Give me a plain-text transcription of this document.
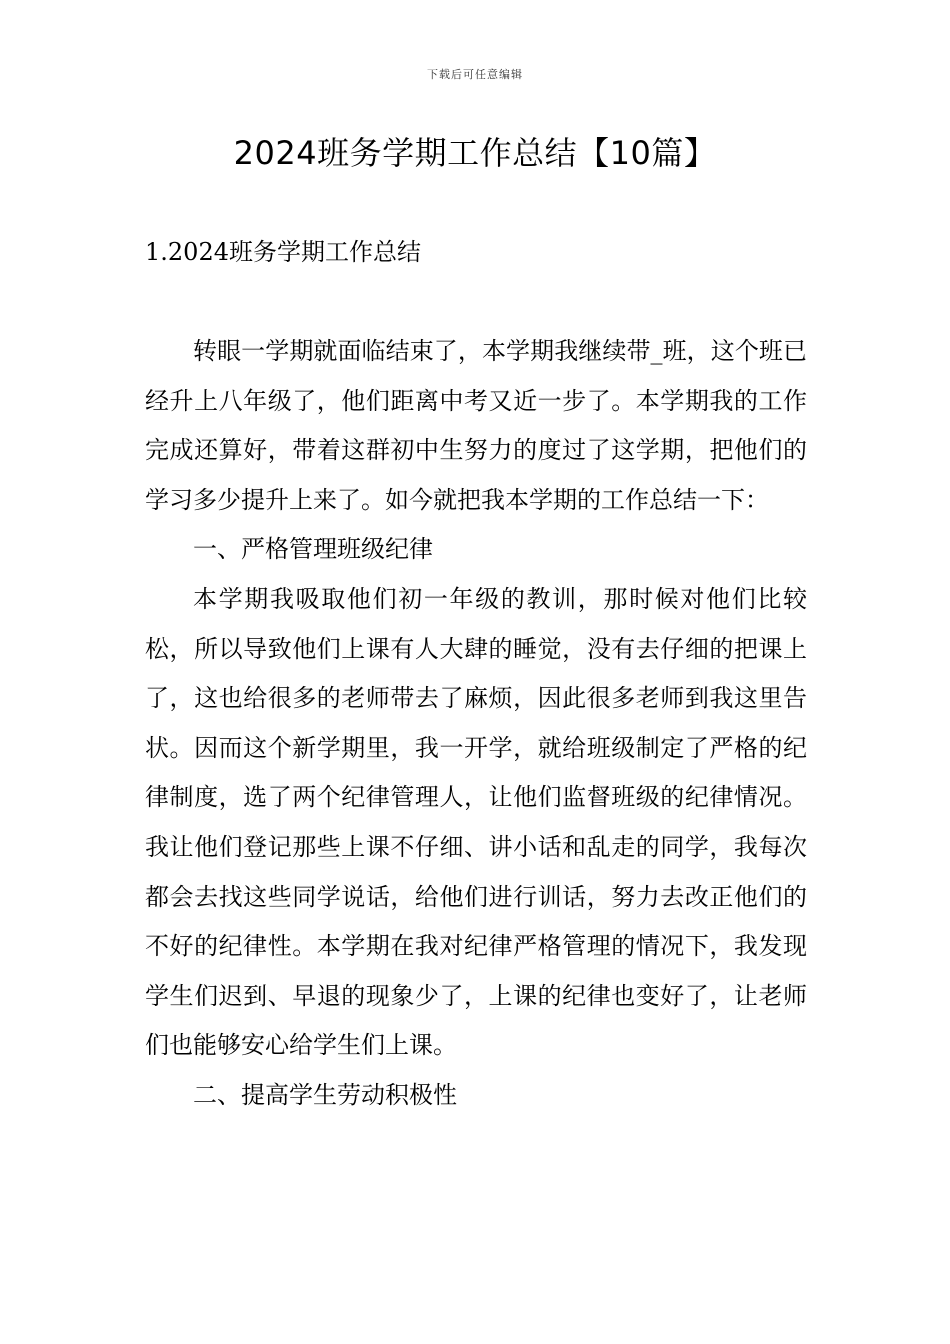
下载后可任意编辑
2024班务学期工作总结【10篇】
1.2024班务学期工作总结

转眼一学期就面临结束了，本学期我继续带_班，这个班已经升上八年级了，他们距离中考又近一步了。本学期我的工作完成还算好，带着这群初中生努力的度过了这学期，把他们的学习多少提升上来了。如今就把我本学期的工作总结一下：

一、严格管理班级纪律

本学期我吸取他们初一年级的教训，那时候对他们比较松，所以导致他们上课有人大肆的睡觉，没有去仔细的把课上了，这也给很多的老师带去了麻烦，因此很多老师到我这里告状。因而这个新学期里，我一开学，就给班级制定了严格的纪律制度，选了两个纪律管理人，让他们监督班级的纪律情况。我让他们登记那些上课不仔细、讲小话和乱走的同学，我每次都会去找这些同学说话，给他们进行训话，努力去改正他们的不好的纪律性。本学期在我对纪律严格管理的情况下，我发现学生们迟到、早退的现象少了，上课的纪律也变好了，让老师们也能够安心给学生们上课。

二、提高学生劳动积极性
